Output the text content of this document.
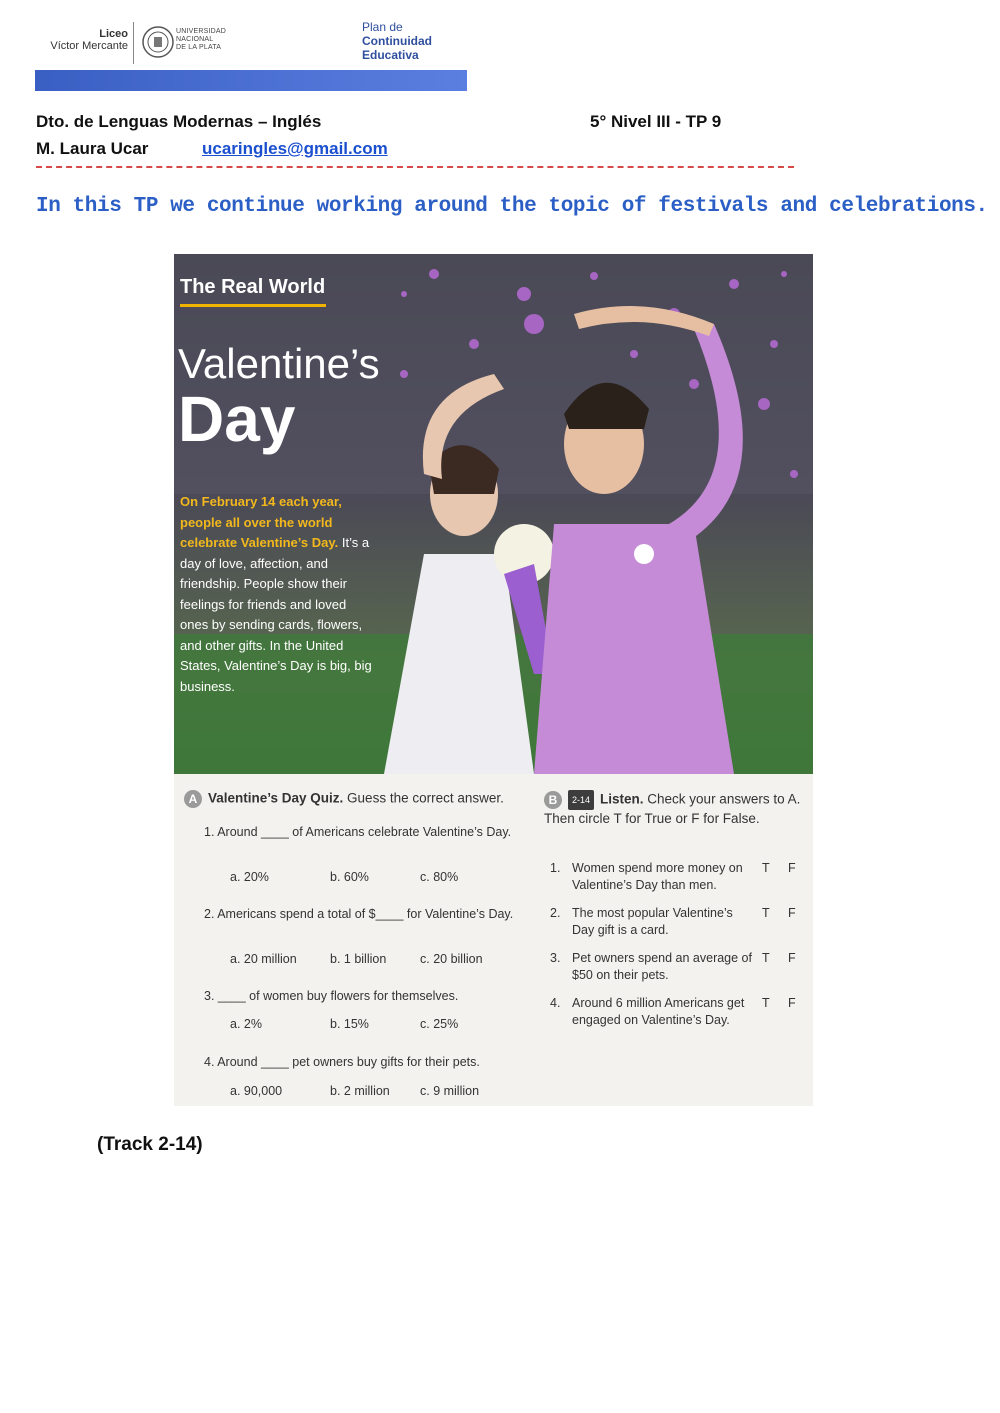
Liceo
Víctor Mercante
UNIVERSIDAD
NACIONAL
DE LA PLATA
Plan de
Continuidad
Educativa
Dto. de Lenguas Modernas – Inglés	5° Nivel III - TP 9
M. Laura Ucar	ucaringles@gmail.com
In this TP we continue working around the topic of festivals and celebrations.
The Real World
Valentine’s
Day
On February 14 each year, people all over the world celebrate Valentine’s Day. It’s a day of love, affection, and friendship. People show their feelings for friends and loved ones by sending cards, flowers, and other gifts. In the United States, Valentine’s Day is big, big business.
A Valentine’s Day Quiz. Guess the correct answer.
1. Around ____ of Americans celebrate Valentine’s Day.
a. 20%	b. 60%	c. 80%
2. Americans spend a total of $____ for Valentine’s Day.
a. 20 million	b. 1 billion	c. 20 billion
3. ____ of women buy flowers for themselves.
a. 2%	b. 15%	c. 25%
4. Around ____ pet owners buy gifts for their pets.
a. 90,000	b. 2 million c. 9 million
B 2-14 Listen. Check your answers to A. Then circle T for True or F for False.
1. Women spend more money on Valentine’s Day than men.
T F
2. The most popular Valentine’s Day gift is a card.
T F
3. Pet owners spend an average of $50 on their pets.
T F
4. Around 6 million Americans get engaged on Valentine’s Day.
T F
(Track 2-14)
